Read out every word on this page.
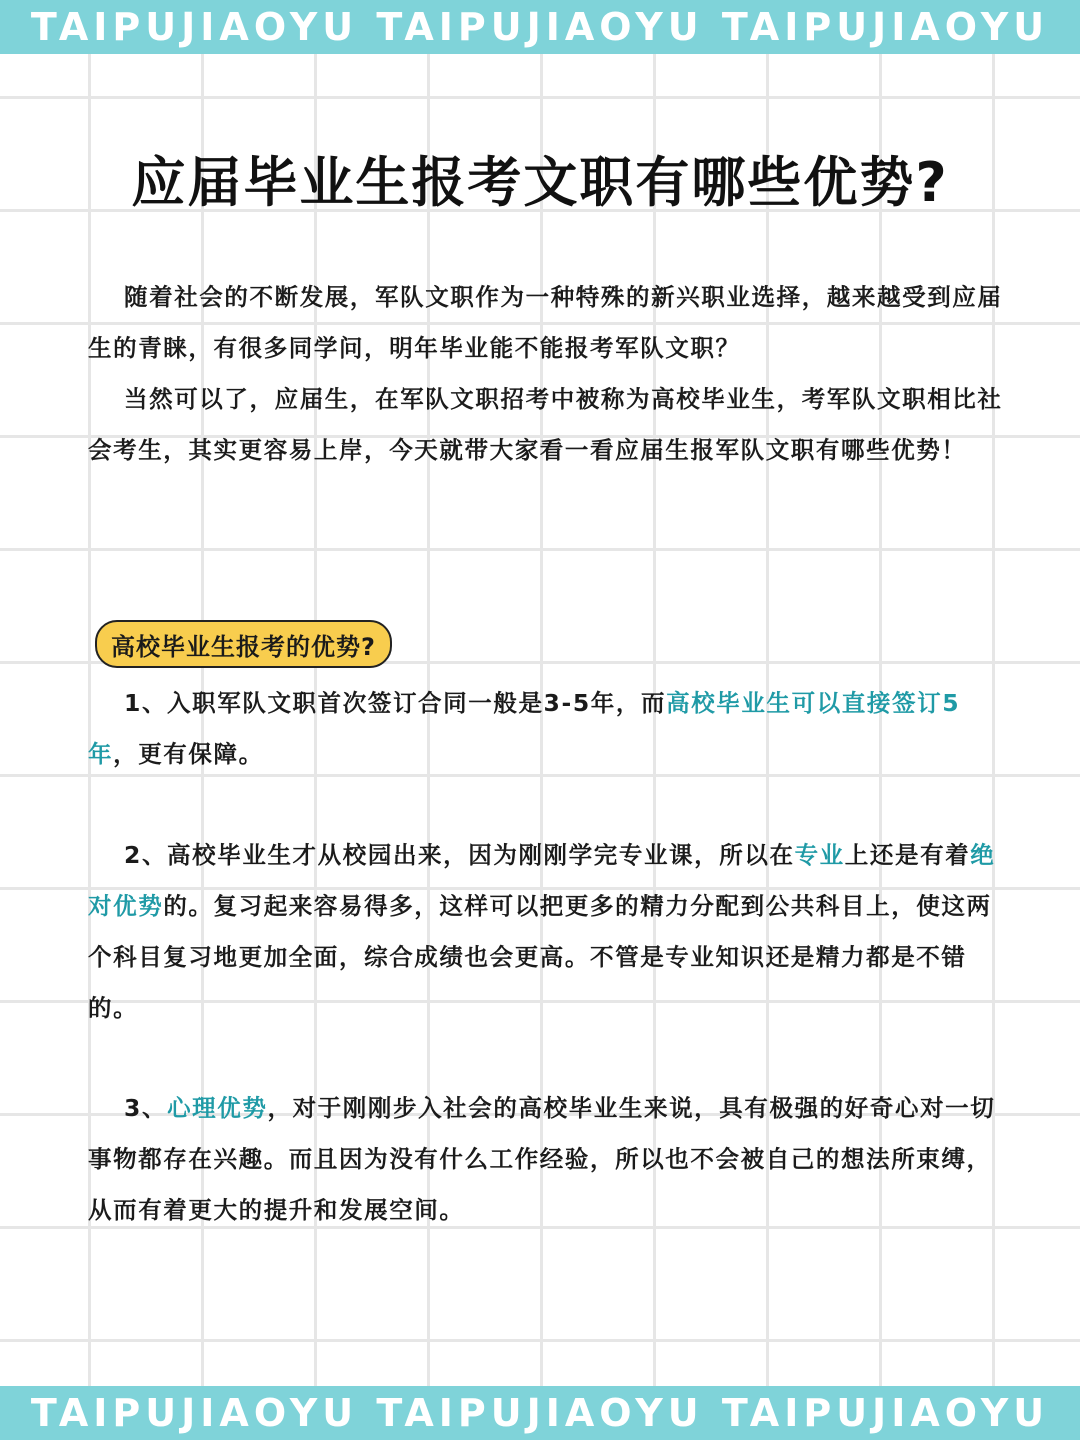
TAIPUJIAOYU TAIPUJIAOYU TAIPUJIAOYU
应届毕业生报考文职有哪些优势?

随着社会的不断发展，军队文职作为一种特殊的新兴职业选择，越来越受到应届生的青睐，有很多同学问，明年毕业能不能报考军队文职？

当然可以了，应届生，在军队文职招考中被称为高校毕业生，考军队文职相比社会考生，其实更容易上岸，今天就带大家看一看应届生报军队文职有哪些优势！

高校毕业生报考的优势?

1、入职军队文职首次签订合同一般是3-5年，而高校毕业生可以直接签订5年，更有保障。

2、高校毕业生才从校园出来，因为刚刚学完专业课，所以在专业上还是有着绝对优势的。复习起来容易得多，这样可以把更多的精力分配到公共科目上，使这两个科目复习地更加全面，综合成绩也会更高。不管是专业知识还是精力都是不错的。

3、心理优势，对于刚刚步入社会的高校毕业生来说，具有极强的好奇心对一切事物都存在兴趣。而且因为没有什么工作经验，所以也不会被自己的想法所束缚，从而有着更大的提升和发展空间。

TAIPUJIAOYU TAIPUJIAOYU TAIPUJIAOYU
